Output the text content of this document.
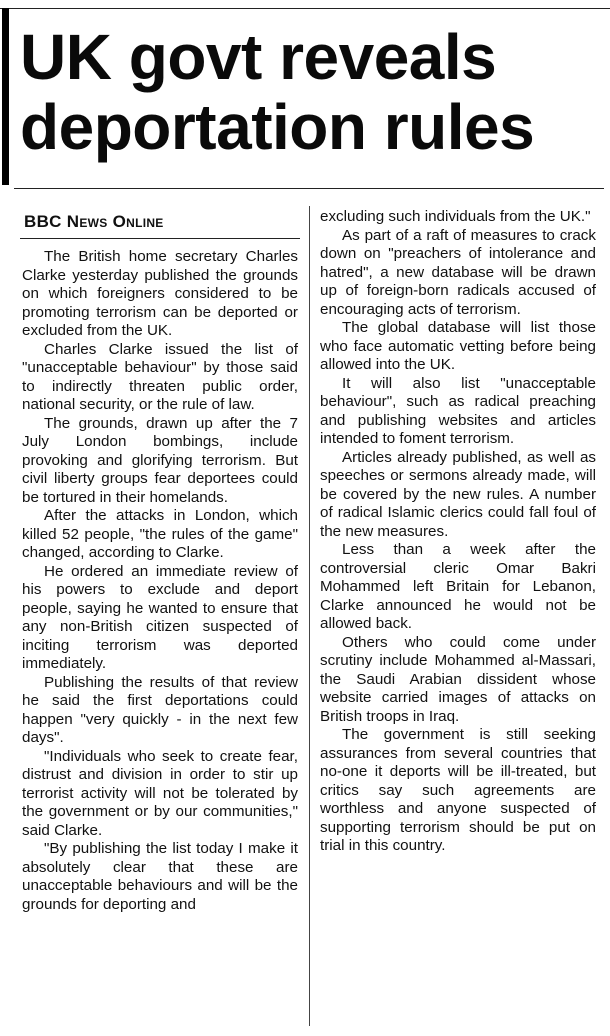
UK govt reveals
deportation rules
BBC News Online

The British home secretary Charles Clarke yesterday published the grounds on which foreigners considered to be promoting terrorism can be deported or excluded from the UK.

Charles Clarke issued the list of "unacceptable behaviour" by those said to indirectly threaten public order, national security, or the rule of law.

The grounds, drawn up after the 7 July London bombings, include provoking and glorifying terrorism. But civil liberty groups fear deportees could be tortured in their homelands.

After the attacks in London, which killed 52 people, "the rules of the game" changed, according to Clarke.

He ordered an immediate review of his powers to exclude and deport people, saying he wanted to ensure that any non-British citizen suspected of inciting terrorism was deported immediately.

Publishing the results of that review he said the first deportations could happen "very quickly - in the next few days".

"Individuals who seek to create fear, distrust and division in order to stir up terrorist activity will not be tolerated by the government or by our communities," said Clarke.

"By publishing the list today I make it absolutely clear that these are unacceptable behaviours and will be the grounds for deporting and

excluding such individuals from the UK."

As part of a raft of measures to crack down on "preachers of intolerance and hatred", a new database will be drawn up of foreign-born radicals accused of encouraging acts of terrorism.

The global database will list those who face automatic vetting before being allowed into the UK.

It will also list "unacceptable behaviour", such as radical preaching and publishing websites and articles intended to foment terrorism.

Articles already published, as well as speeches or sermons already made, will be covered by the new rules. A number of radical Islamic clerics could fall foul of the new measures.

Less than a week after the controversial cleric Omar Bakri Mohammed left Britain for Lebanon, Clarke announced he would not be allowed back.

Others who could come under scrutiny include Mohammed al-Massari, the Saudi Arabian dissident whose website carried images of attacks on British troops in Iraq.

The government is still seeking assurances from several countries that no-one it deports will be ill-treated, but critics say such agreements are worthless and anyone suspected of supporting terrorism should be put on trial in this country.
